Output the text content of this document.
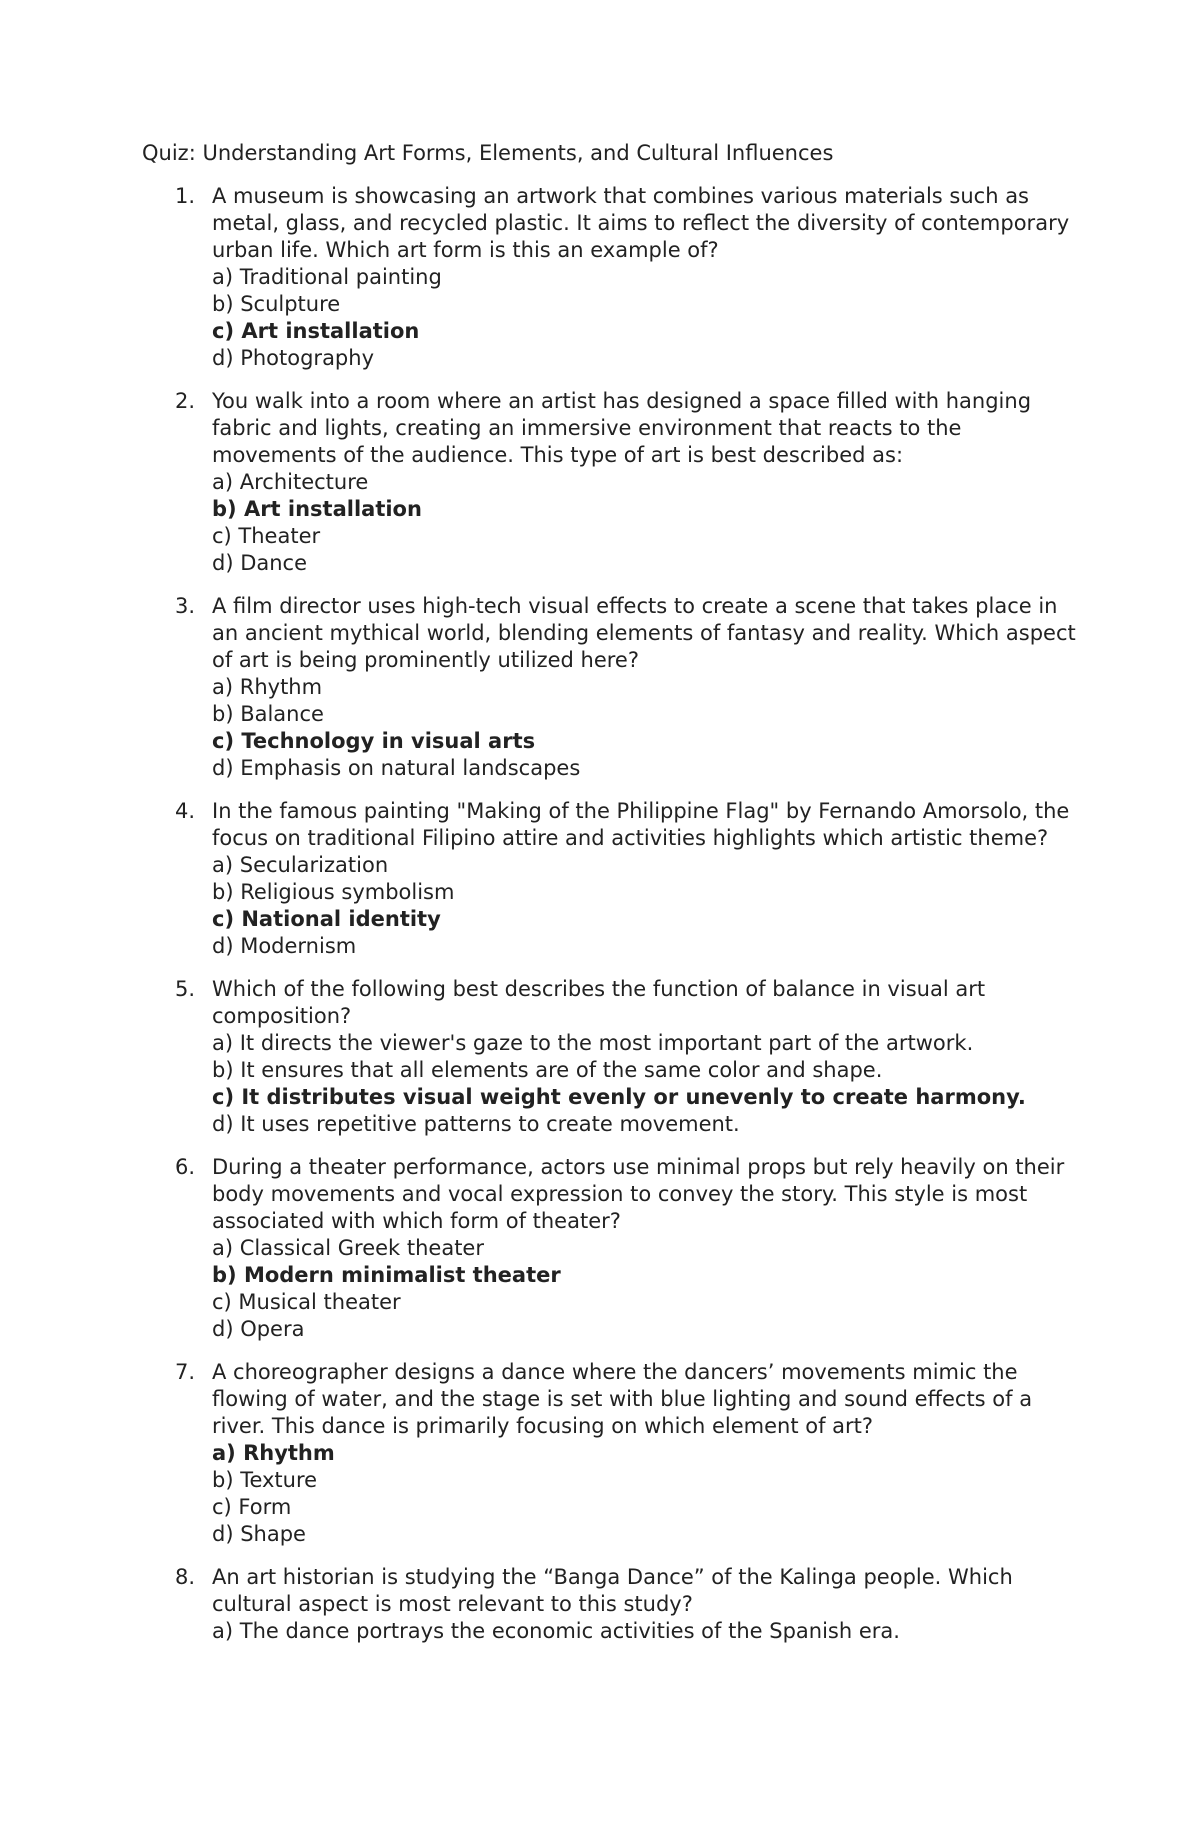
Quiz: Understanding Art Forms, Elements, and Cultural Influences
1. A museum is showcasing an artwork that combines various materials such as metal, glass, and recycled plastic. It aims to reflect the diversity of contemporary urban life. Which art form is this an example of?
a) Traditional painting
b) Sculpture
c) Art installation
d) Photography
2. You walk into a room where an artist has designed a space filled with hanging fabric and lights, creating an immersive environment that reacts to the movements of the audience. This type of art is best described as:
a) Architecture
b) Art installation
c) Theater
d) Dance
3. A film director uses high-tech visual effects to create a scene that takes place in an ancient mythical world, blending elements of fantasy and reality. Which aspect of art is being prominently utilized here?
a) Rhythm
b) Balance
c) Technology in visual arts
d) Emphasis on natural landscapes
4. In the famous painting "Making of the Philippine Flag" by Fernando Amorsolo, the focus on traditional Filipino attire and activities highlights which artistic theme?
a) Secularization
b) Religious symbolism
c) National identity
d) Modernism
5. Which of the following best describes the function of balance in visual art composition?
a) It directs the viewer's gaze to the most important part of the artwork.
b) It ensures that all elements are of the same color and shape.
c) It distributes visual weight evenly or unevenly to create harmony.
d) It uses repetitive patterns to create movement.
6. During a theater performance, actors use minimal props but rely heavily on their body movements and vocal expression to convey the story. This style is most associated with which form of theater?
a) Classical Greek theater
b) Modern minimalist theater
c) Musical theater
d) Opera
7. A choreographer designs a dance where the dancers’ movements mimic the flowing of water, and the stage is set with blue lighting and sound effects of a river. This dance is primarily focusing on which element of art?
a) Rhythm
b) Texture
c) Form
d) Shape
8. An art historian is studying the “Banga Dance” of the Kalinga people. Which cultural aspect is most relevant to this study?
a) The dance portrays the economic activities of the Spanish era.
